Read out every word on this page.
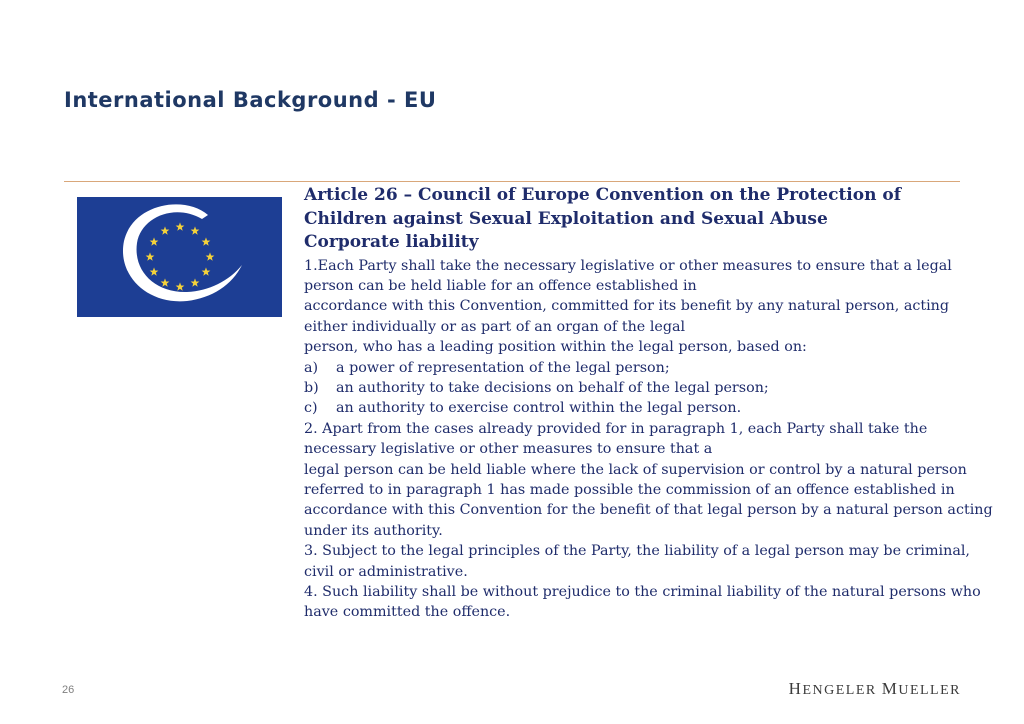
International Background - EU
Article 26 – Council of Europe Convention on the Protection of
Children against Sexual Exploitation and Sexual Abuse
Corporate liability
1.Each Party shall take the necessary legislative or other measures to ensure that a legal
person can be held liable for an offence established in
accordance with this Convention, committed for its benefit by any natural person, acting
either individually or as part of an organ of the legal
person, who has a leading position within the legal person, based on:
a)	a power of representation of the legal person;
b)	an authority to take decisions on behalf of the legal person;
c)	an authority to exercise control within the legal person.
2. Apart from the cases already provided for in paragraph 1, each Party shall take the
necessary legislative or other measures to ensure that a
legal person can be held liable where the lack of supervision or control by a natural person
referred to in paragraph 1 has made possible the commission of an offence established in
accordance with this Convention for the benefit of that legal person by a natural person acting
under its authority.
3. Subject to the legal principles of the Party, the liability of a legal person may be criminal,
civil or administrative.
4. Such liability shall be without prejudice to the criminal liability of the natural persons who
have committed the offence.
26	HENGELER MUELLER
